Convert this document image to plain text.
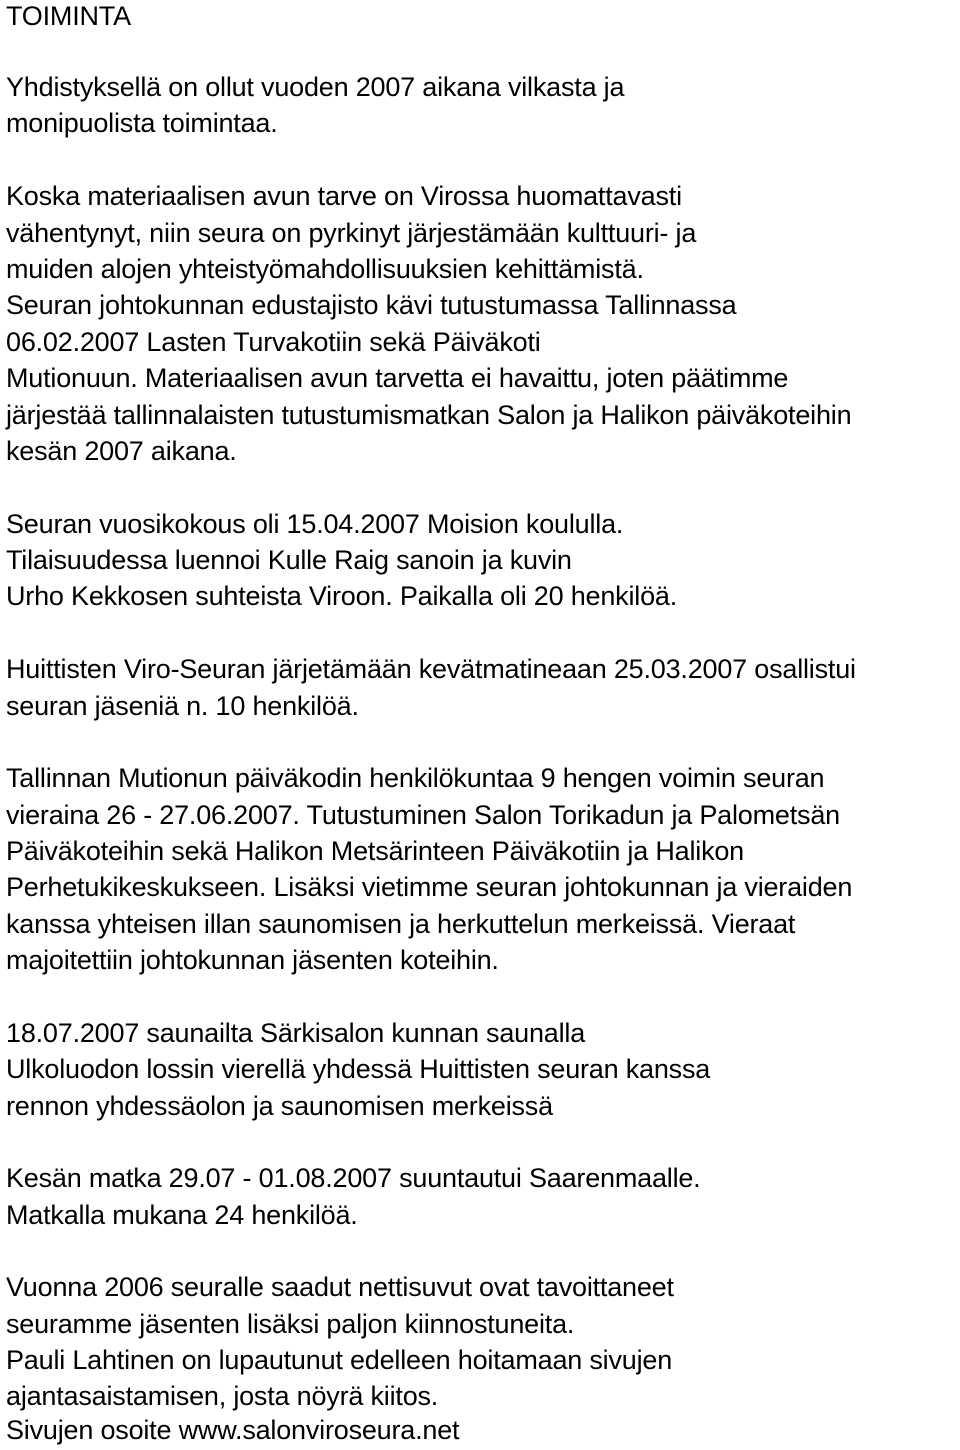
TOIMINTA
Yhdistyksellä on ollut vuoden 2007 aikana vilkasta ja
monipuolista toimintaa.
Koska materiaalisen avun tarve on Virossa huomattavasti
vähentynyt, niin seura on pyrkinyt järjestämään kulttuuri- ja
muiden alojen yhteistyömahdollisuuksien kehittämistä.
Seuran johtokunnan edustajisto kävi tutustumassa Tallinnassa
06.02.2007 Lasten Turvakotiin sekä Päiväkoti
Mutionuun. Materiaalisen avun tarvetta ei havaittu, joten päätimme
järjestää tallinnalaisten tutustumismatkan Salon ja Halikon päiväkoteihin
kesän 2007 aikana.
Seuran vuosikokous oli 15.04.2007 Moision koululla.
Tilaisuudessa luennoi Kulle Raig sanoin ja kuvin
Urho Kekkosen suhteista Viroon. Paikalla oli 20 henkilöä.
Huittisten Viro-Seuran järjetämään kevätmatineaan 25.03.2007 osallistui
seuran jäseniä n. 10 henkilöä.
Tallinnan Mutionun päiväkodin henkilökuntaa 9 hengen voimin seuran
vieraina 26 - 27.06.2007. Tutustuminen Salon Torikadun ja Palometsän
Päiväkoteihin sekä Halikon Metsärinteen Päiväkotiin ja Halikon
Perhetukikeskukseen. Lisäksi vietimme seuran johtokunnan ja vieraiden
kanssa yhteisen illan saunomisen ja herkuttelun merkeissä. Vieraat
majoitettiin johtokunnan jäsenten koteihin.
18.07.2007 saunailta Särkisalon kunnan saunalla
Ulkoluodon lossin vierellä yhdessä Huittisten seuran kanssa
rennon yhdessäolon ja saunomisen merkeissä
Kesän matka 29.07 - 01.08.2007 suuntautui Saarenmaalle.
Matkalla mukana 24 henkilöä.
Vuonna 2006 seuralle saadut nettisuvut ovat tavoittaneet
seuramme jäsenten lisäksi paljon kiinnostuneita.
Pauli Lahtinen on lupautunut edelleen hoitamaan sivujen
ajantasaistamisen, josta nöyrä kiitos.
Sivujen osoite www.salonviroseura.net
